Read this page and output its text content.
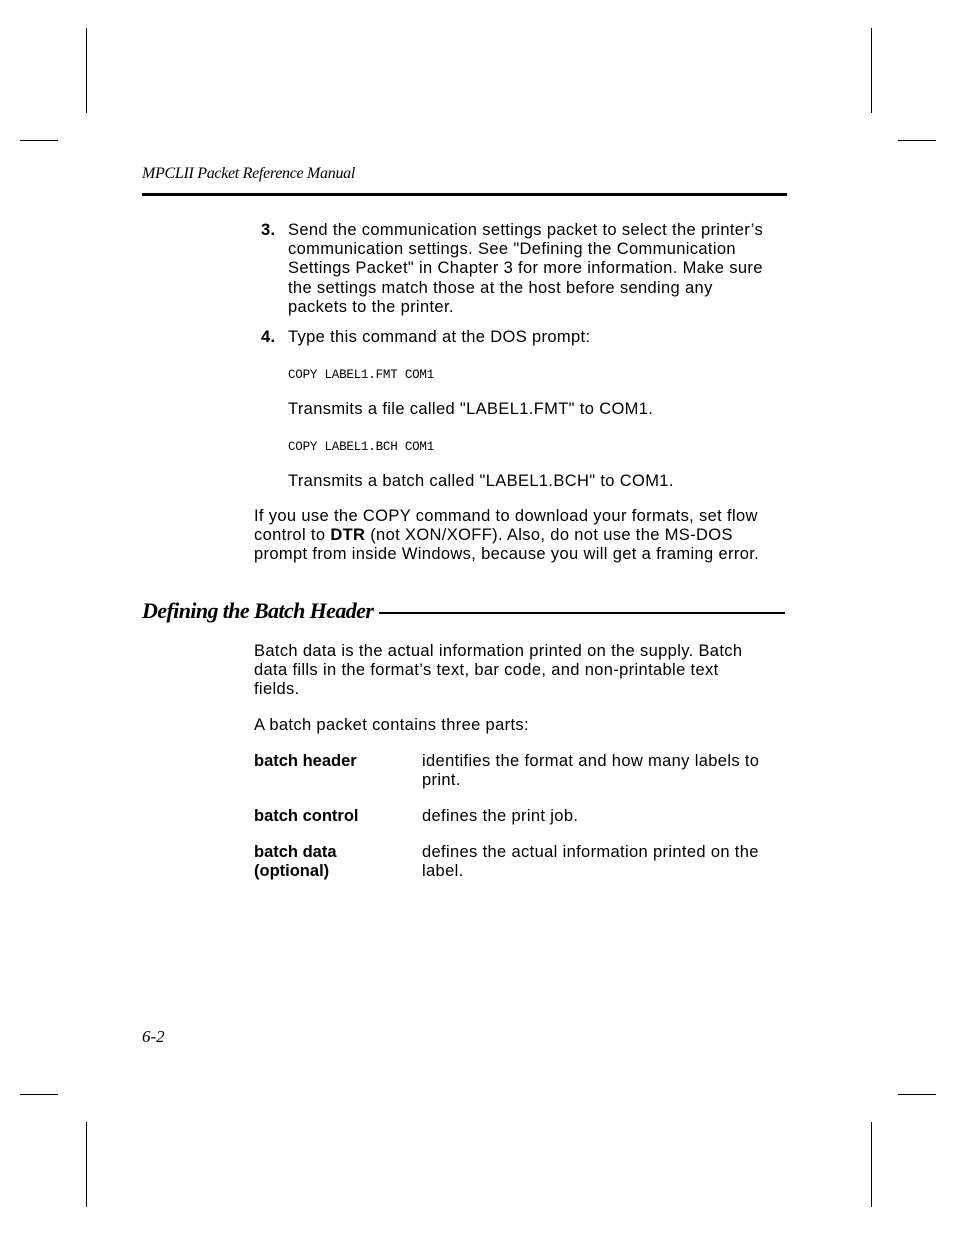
MPCLII Packet Reference Manual
3. Send the communication settings packet to select the printer’s communication settings. See "Defining the Communication Settings Packet" in Chapter 3 for more information. Make sure the settings match those at the host before sending any packets to the printer.
4. Type this command at the DOS prompt:
COPY LABEL1.FMT COM1
Transmits a file called "LABEL1.FMT" to COM1.
COPY LABEL1.BCH COM1
Transmits a batch called "LABEL1.BCH" to COM1.

If you use the COPY command to download your formats, set flow control to DTR (not XON/XOFF). Also, do not use the MS-DOS prompt from inside Windows, because you will get a framing error.

Defining the Batch Header

Batch data is the actual information printed on the supply. Batch data fills in the format’s text, bar code, and non-printable text fields.

A batch packet contains three parts:

batch header	identifies the format and how many labels to print.
batch control	defines the print job.
batch data (optional)
defines the actual information printed on the label.
6-2
